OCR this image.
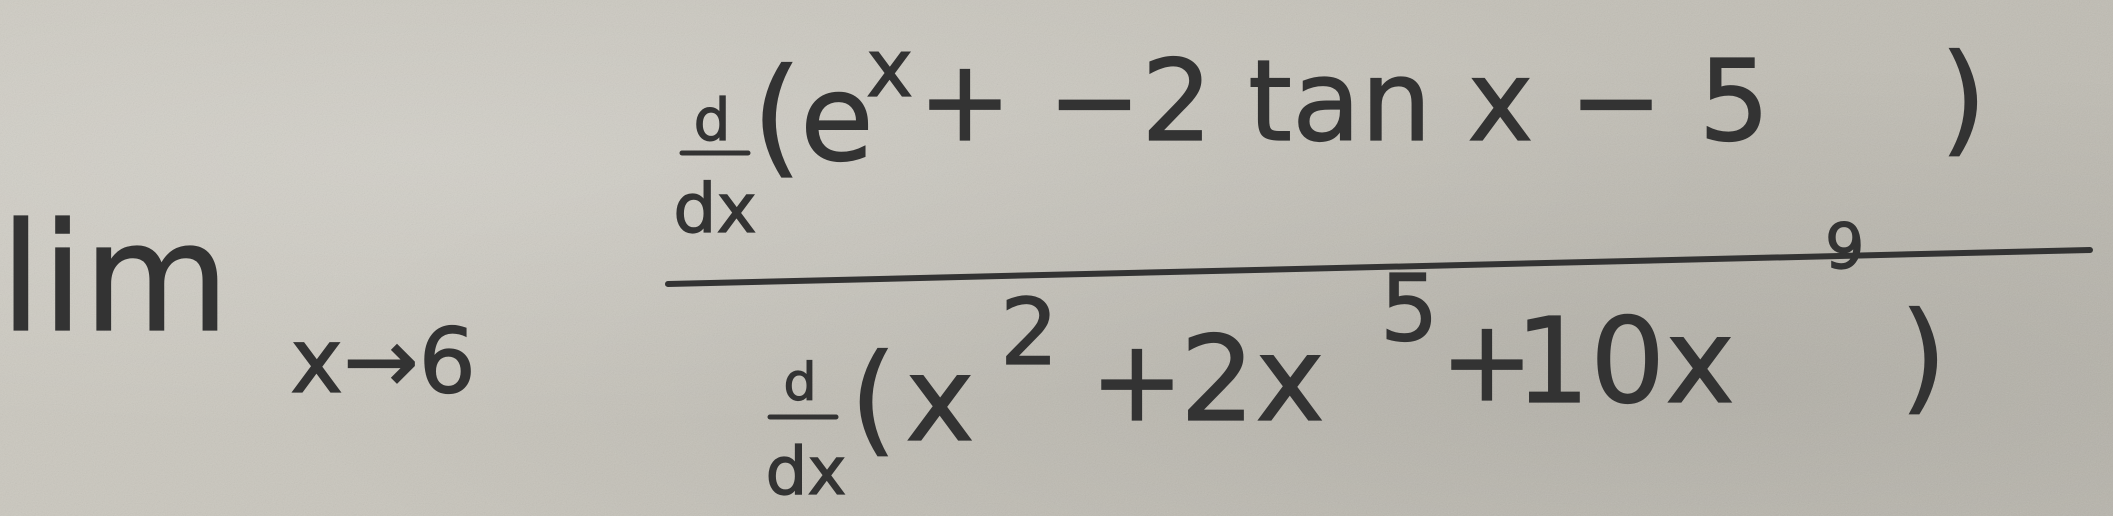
lim x→6
d
dx
(
e
x + −2 tan x − 5 )
d
dx
( x 2 +
2x
5 +
10x
9
)
